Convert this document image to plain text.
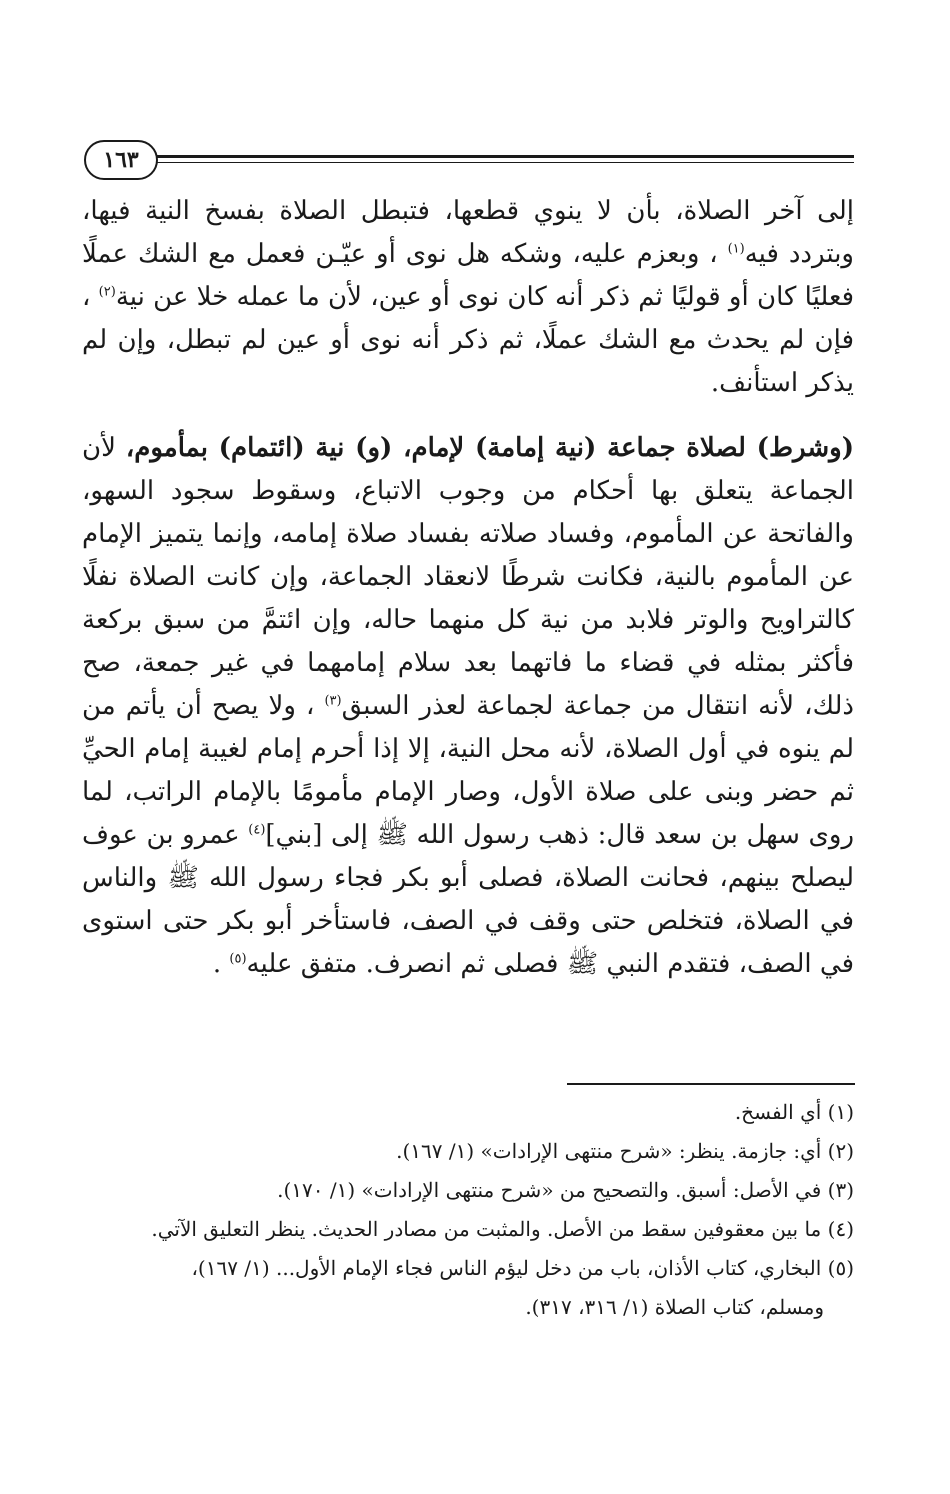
١٦٣

إلى آخر الصلاة، بأن لا ينوي قطعها، فتبطل الصلاة بفسخ النية فيها، وبتردد فيه$^{(١)}$ ، وبعزم عليه، وشكه هل نوى أو عيّـن فعمل مع الشك عملًا فعليًا كان أو قوليًا ثم ذكر أنه كان نوى أو عين، لأن ما عمله خلا عن نية$^{(٢)}$ ، فإن لم يحدث مع الشك عملًا، ثم ذكر أنه نوى أو عين لم تبطل، وإن لم يذكر استأنف.

(وشرط) لصلاة جماعة (نية إمامة) لإمام، (و) نية (ائتمام) بمأموم، لأن الجماعة يتعلق بها أحكام من وجوب الاتباع، وسقوط سجود السهو، والفاتحة عن المأموم، وفساد صلاته بفساد صلاة إمامه، وإنما يتميز الإمام عن المأموم بالنية، فكانت شرطًا لانعقاد الجماعة، وإن كانت الصلاة نفلًا كالتراويح والوتر فلابد من نية كل منهما حاله، وإن ائتمَّ من سبق بركعة فأكثر بمثله في قضاء ما فاتهما بعد سلام إمامهما في غير جمعة، صح ذلك، لأنه انتقال من جماعة لجماعة لعذر السبق$^{(٣)}$ ، ولا يصح أن يأتم من لم ينوه في أول الصلاة، لأنه محل النية، إلا إذا أحرم إمام لغيبة إمام الحيِّ ثم حضر وبنى على صلاة الأول، وصار الإمام مأمومًا بالإمام الراتب، لما روى سهل بن سعد قال: ذهب رسول الله ﷺ إلى [بني]$^{(٤)}$ عمرو بن عوف ليصلح بينهم، فحانت الصلاة، فصلى أبو بكر فجاء رسول الله ﷺ والناس في الصلاة، فتخلص حتى وقف في الصف، فاستأخر أبو بكر حتى استوى في الصف، فتقدم النبي ﷺ فصلى ثم انصرف. متفق عليه$^{(٥)}$ .

(١) أي الفسخ.

(٢) أي: جازمة. ينظر: «شرح منتهى الإرادات» (١/ ١٦٧).

(٣) في الأصل: أسبق. والتصحيح من «شرح منتهى الإرادات» (١/ ١٧٠).

(٤) ما بين معقوفين سقط من الأصل. والمثبت من مصادر الحديث. ينظر التعليق الآتي.

(٥) البخاري، كتاب الأذان، باب من دخل ليؤم الناس فجاء الإمام الأول... (١/ ١٦٧)،

ومسلم، كتاب الصلاة (١/ ٣١٦، ٣١٧).
